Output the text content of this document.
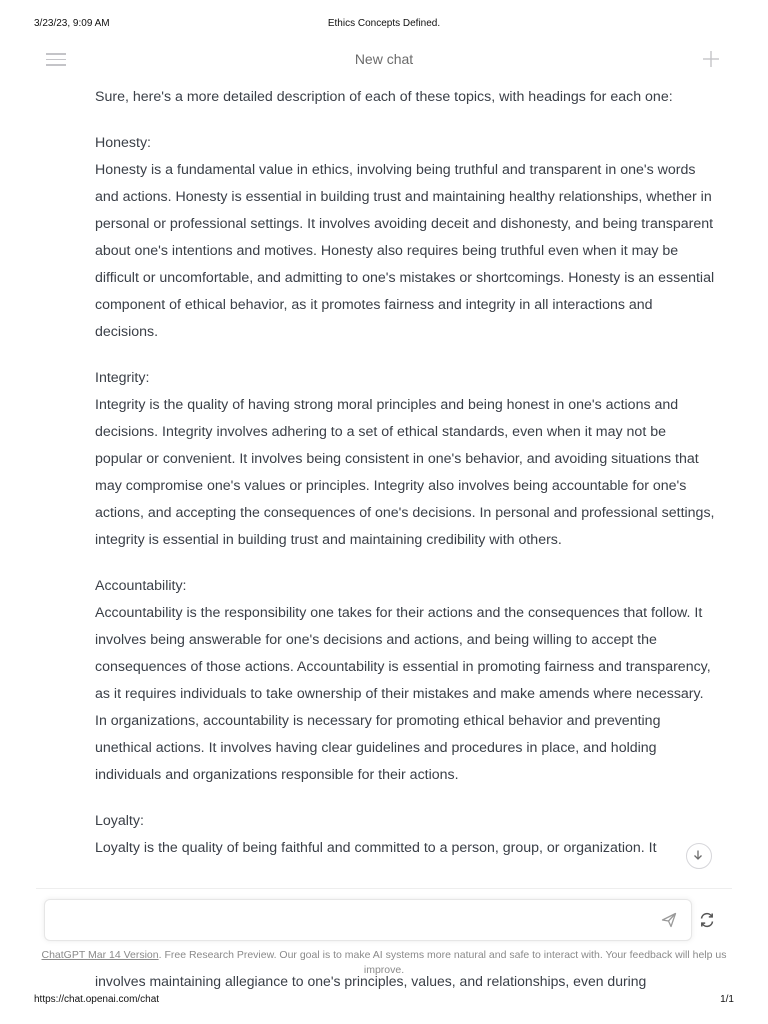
3/23/23, 9:09 AM	Ethics Concepts Defined.
New chat

Sure, here's a more detailed description of each of these topics, with headings for each one:

Honesty:

Honesty is a fundamental value in ethics, involving being truthful and transparent in one's words and actions. Honesty is essential in building trust and maintaining healthy relationships, whether in personal or professional settings. It involves avoiding deceit and dishonesty, and being transparent about one's intentions and motives. Honesty also requires being truthful even when it may be difficult or uncomfortable, and admitting to one's mistakes or shortcomings. Honesty is an essential component of ethical behavior, as it promotes fairness and integrity in all interactions and decisions.

Integrity:

Integrity is the quality of having strong moral principles and being honest in one's actions and decisions. Integrity involves adhering to a set of ethical standards, even when it may not be popular or convenient. It involves being consistent in one's behavior, and avoiding situations that may compromise one's values or principles. Integrity also involves being accountable for one's actions, and accepting the consequences of one's decisions. In personal and professional settings, integrity is essential in building trust and maintaining credibility with others.

Accountability:

Accountability is the responsibility one takes for their actions and the consequences that follow. It involves being answerable for one's decisions and actions, and being willing to accept the consequences of those actions. Accountability is essential in promoting fairness and transparency, as it requires individuals to take ownership of their mistakes and make amends where necessary. In organizations, accountability is necessary for promoting ethical behavior and preventing unethical actions. It involves having clear guidelines and procedures in place, and holding individuals and organizations responsible for their actions.

Loyalty:

Loyalty is the quality of being faithful and committed to a person, group, or organization. It

ChatGPT Mar 14 Version. Free Research Preview. Our goal is to make AI systems more natural and safe to interact with. Your feedback will help us improve.
involves maintaining allegiance to one's principles, values, and relationships, even during
https://chat.openai.com/chat	1/1
